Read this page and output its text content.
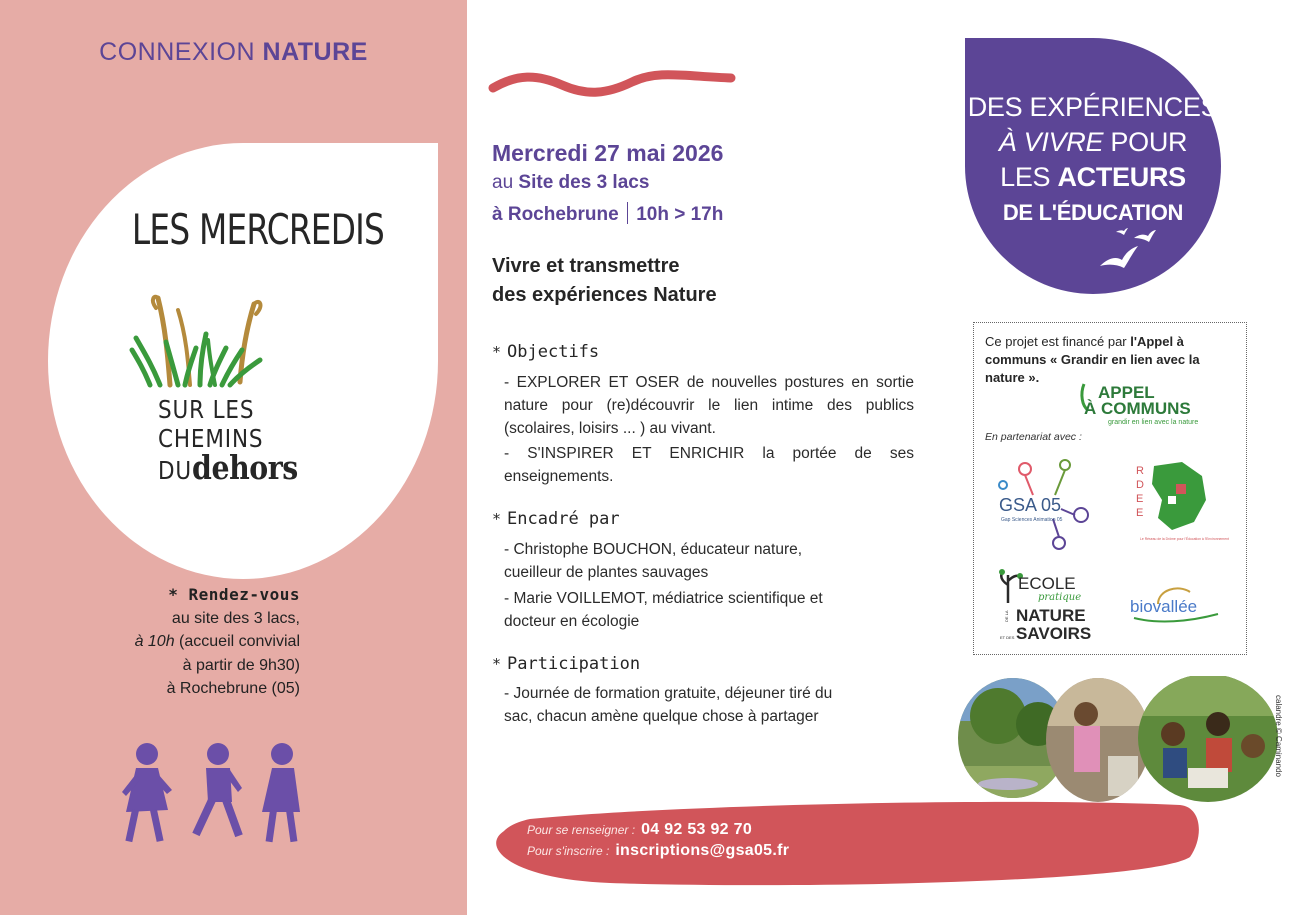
CONNEXION NATURE
LES MERCREDIS
SUR LES
CHEMINS
DUdehors
* Rendez-vous
au site des 3 lacs,
à 10h (accueil convivial
à partir de 9h30)
à Rochebrune (05)
Mercredi 27 mai 2026
au Site des 3 lacs
à Rochebrune 10h > 17h
Vivre et transmettre
des expériences Nature
* Objectifs
- EXPLORER ET OSER de nouvelles postures en sortie nature pour (re)découvrir le lien intime des publics (scolaires, loisirs ... ) au vivant.
- S'INSPIRER ET ENRICHIR la portée de ses enseignements.
* Encadré par
- Christophe BOUCHON, éducateur nature,
cueilleur de plantes sauvages
- Marie VOILLEMOT, médiatrice scientifique et
docteur en écologie
* Participation
- Journée de formation gratuite, déjeuner tiré du
sac, chacun amène quelque chose à partager
Pour se renseigner : 04 92 53 92 70
Pour s'inscrire : inscriptions@gsa05.fr
calandre © Caminando
DES EXPÉRIENCES
À VIVRE POUR
LES ACTEURS
DE L'ÉDUCATION
Ce projet est financé par l'Appel à communs « Grandir en lien avec la nature ».
APPEL
À COMMUNS
grandir en lien avec la nature
En partenariat avec :
GSA 05
Gap Sciences Animation 05
R
D
E
E
Le Réseau de la Drôme pour l'Éducation à l'Environnement
ECOLE
pratique
DE LA NATURE
ET DES SAVOIRS
biovallée
